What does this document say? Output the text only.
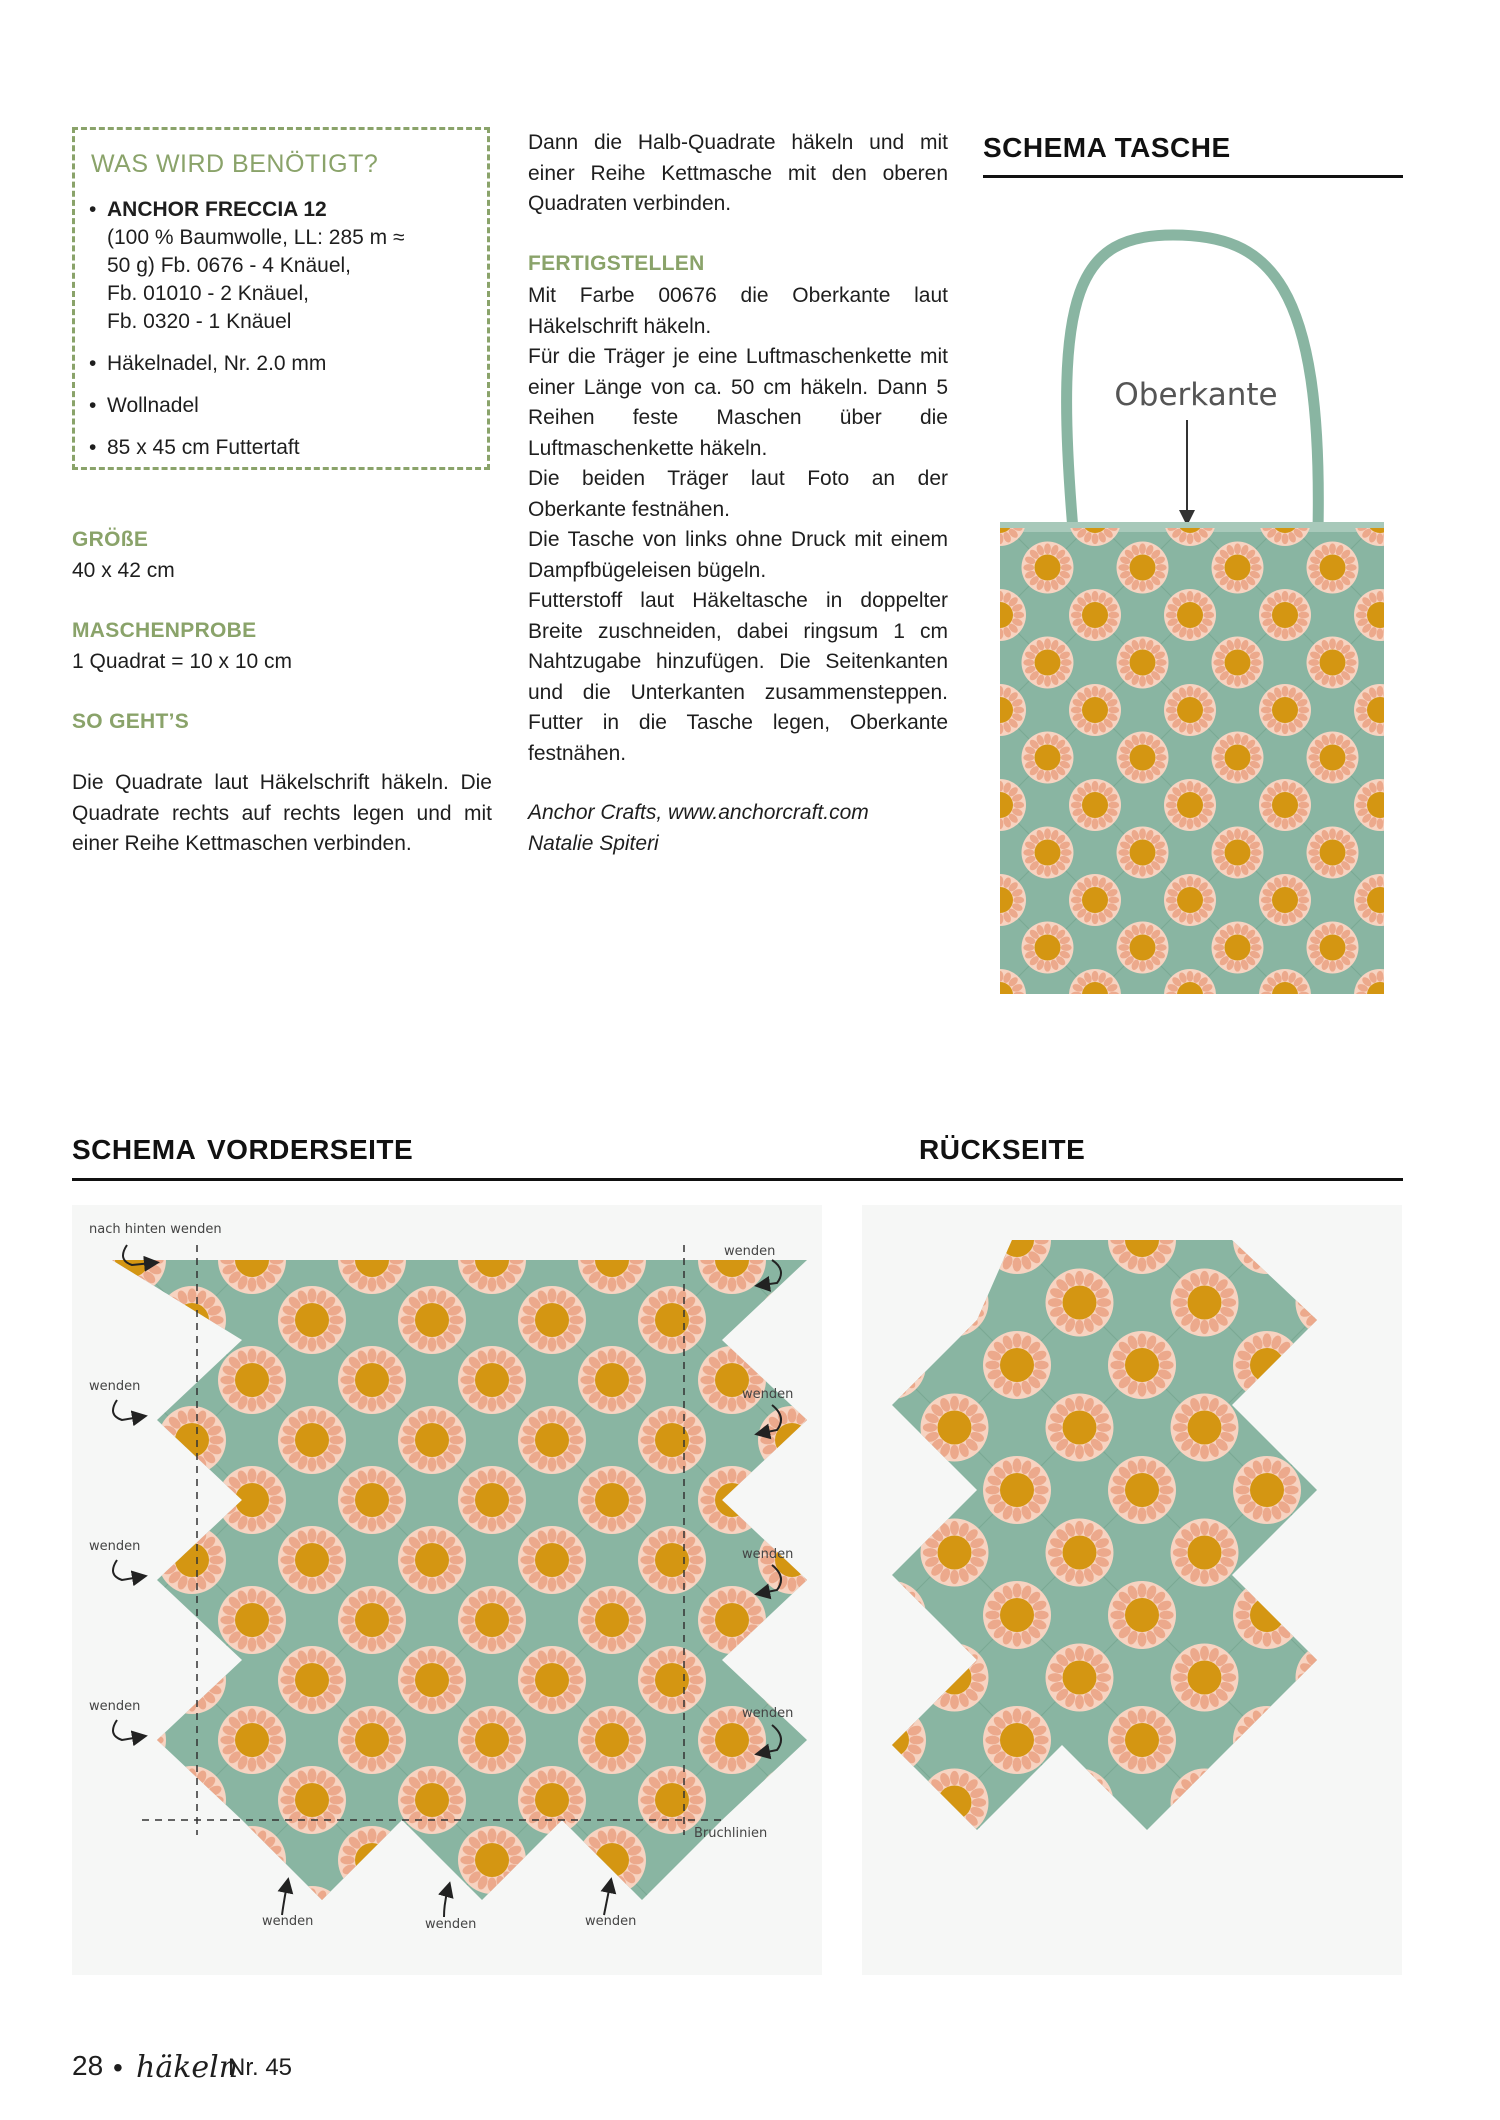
WAS WIRD BENÖTIGT?
• ANCHOR FRECCIA 12
(100 % Baumwolle, LL: 285 m ≈
50 g) Fb. 0676 - 4 Knäuel,
Fb. 01010 - 2 Knäuel,
Fb. 0320 - 1 Knäuel
• Häkelnadel, Nr. 2.0 mm
• Wollnadel
• 85 x 45 cm Futtertaft
GRÖßE
40 x 42 cm
MASCHENPROBE
1 Quadrat = 10 x 10 cm
SO GEHT’S
Die Quadrate laut Häkelschrift häkeln. Die Quadrate rechts auf rechts legen und mit einer Reihe Kettmaschen verbinden.
Dann die Halb-Quadrate häkeln und mit einer Reihe Kettmasche mit den oberen Quadraten verbinden.
FERTIGSTELLEN
Mit Farbe 00676 die Oberkante laut Häkelschrift häkeln.
Für die Träger je eine Luftmaschenkette mit einer Länge von ca. 50 cm häkeln. Dann 5 Reihen feste Maschen über die Luftmaschenkette häkeln.
Die beiden Träger laut Foto an der Oberkante festnähen.
Die Tasche von links ohne Druck mit einem Dampfbügeleisen bügeln.
Futterstoff laut Häkeltasche in doppelter Breite zuschneiden, dabei ringsum 1 cm Nahtzugabe hinzufügen. Die Seitenkanten und die Unterkanten zusammensteppen. Futter in die Tasche legen, Oberkante festnähen.
Anchor Crafts, www.anchorcraft.com
Natalie Spiteri
SCHEMA TASCHE
Oberkante
SCHEMA VORDERSEITE	RÜCKSEITE
nach hinten wenden
wenden
wenden
wenden
wenden
wenden
wenden	wenden
Bruchlinien
wenden	wenden	wenden
28 • häkeln
Nr. 45
